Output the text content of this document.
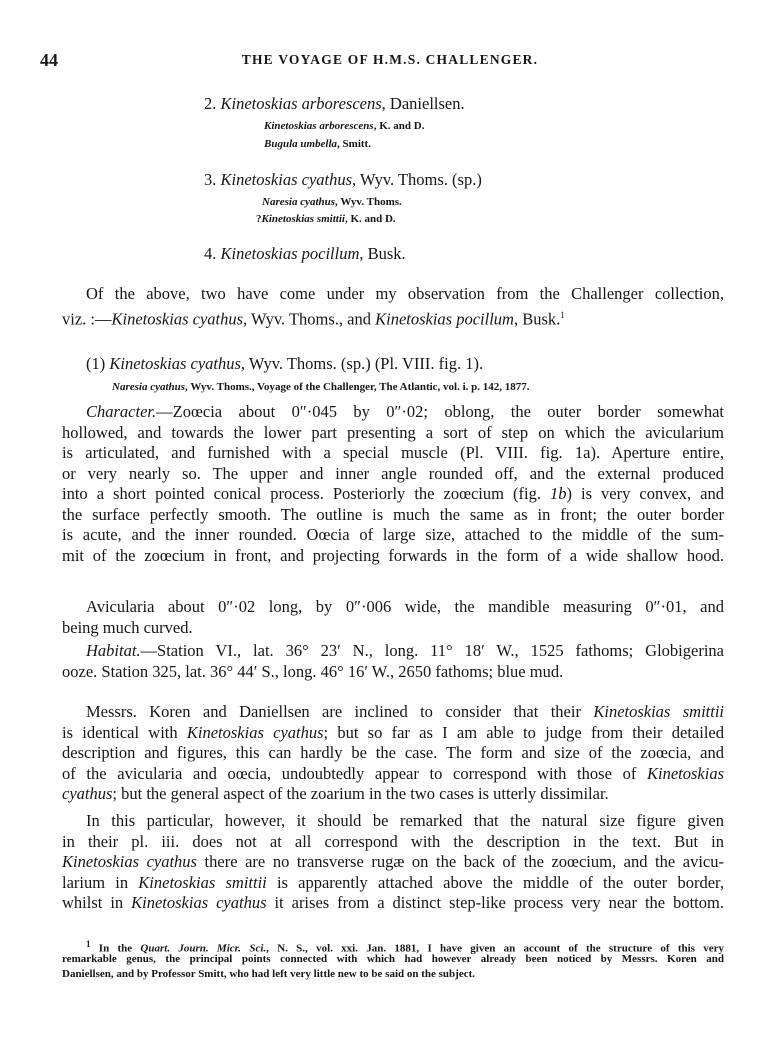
44	THE VOYAGE OF H.M.S. CHALLENGER.
2. Kinetoskias arborescens, Daniellsen.
Kinetoskias arborescens, K. and D.
Bugula umbella, Smitt.
3. Kinetoskias cyathus, Wyv. Thoms. (sp.)
Naresia cyathus, Wyv. Thoms.
?Kinetoskias smittii, K. and D.
4. Kinetoskias pocillum, Busk.
Of the above, two have come under my observation from the Challenger collection,
viz. :—Kinetoskias cyathus, Wyv. Thoms., and Kinetoskias pocillum, Busk.$^1$
(1) Kinetoskias cyathus, Wyv. Thoms. (sp.) (Pl. VIII. fig. 1).
Naresia cyathus, Wyv. Thoms., Voyage of the Challenger, The Atlantic, vol. i. p. 142, 1877.
Character.—Zoœcia about 0″·045 by 0″·02; oblong, the outer border somewhat
hollowed, and towards the lower part presenting a sort of step on which the avicularium
is articulated, and furnished with a special muscle (Pl. VIII. fig. 1a). Aperture entire,
or very nearly so. The upper and inner angle rounded off, and the external produced
into a short pointed conical process. Posteriorly the zoœcium (fig. 1b) is very convex, and
the surface perfectly smooth. The outline is much the same as in front; the outer border
is acute, and the inner rounded. Oœcia of large size, attached to the middle of the sum-
mit of the zoœcium in front, and projecting forwards in the form of a wide shallow hood.
Avicularia about 0″·02 long, by 0″·006 wide, the mandible measuring 0″·01, and
being much curved.
Habitat.—Station VI., lat. 36° 23′ N., long. 11° 18′ W., 1525 fathoms; Globigerina
ooze. Station 325, lat. 36° 44′ S., long. 46° 16′ W., 2650 fathoms; blue mud.
Messrs. Koren and Daniellsen are inclined to consider that their Kinetoskias smittii
is identical with Kinetoskias cyathus; but so far as I am able to judge from their detailed
description and figures, this can hardly be the case. The form and size of the zoœcia, and
of the avicularia and oœcia, undoubtedly appear to correspond with those of Kinetoskias
cyathus; but the general aspect of the zoarium in the two cases is utterly dissimilar.
In this particular, however, it should be remarked that the natural size figure given
in their pl. iii. does not at all correspond with the description in the text. But in
Kinetoskias cyathus there are no transverse rugæ on the back of the zoœcium, and the avicu-
larium in Kinetoskias smittii is apparently attached above the middle of the outer border,
whilst in Kinetoskias cyathus it arises from a distinct step-like process very near the bottom.
$^1$ In the Quart. Journ. Micr. Sci., N. S., vol. xxi. Jan. 1881, I have given an account of the structure of this very
remarkable genus, the principal points connected with which had however already been noticed by Messrs. Koren and
Daniellsen, and by Professor Smitt, who had left very little new to be said on the subject.
